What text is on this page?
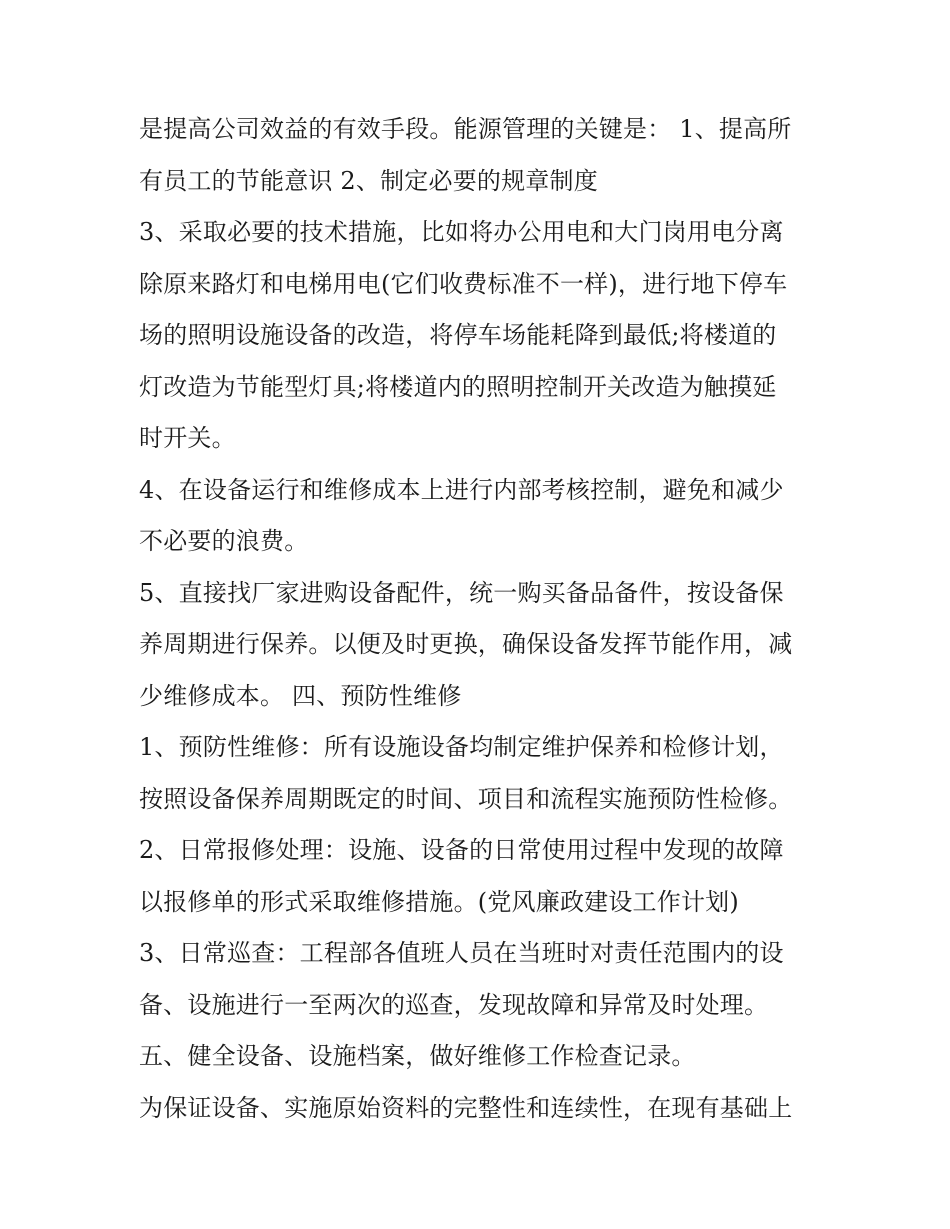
是提高公司效益的有效手段。能源管理的关键是： 1、提高所
有员工的节能意识 2、制定必要的规章制度
3、采取必要的技术措施，比如将办公用电和大门岗用电分离
除原来路灯和电梯用电(它们收费标准不一样)，进行地下停车
场的照明设施设备的改造，将停车场能耗降到最低;将楼道的
灯改造为节能型灯具;将楼道内的照明控制开关改造为触摸延
时开关。
4、在设备运行和维修成本上进行内部考核控制，避免和减少
不必要的浪费。
5、直接找厂家进购设备配件，统一购买备品备件，按设备保
养周期进行保养。以便及时更换，确保设备发挥节能作用，减
少维修成本。 四、预防性维修
1、预防性维修：所有设施设备均制定维护保养和检修计划，
按照设备保养周期既定的时间、项目和流程实施预防性检修。
2、日常报修处理：设施、设备的日常使用过程中发现的故障
以报修单的形式采取维修措施。(党风廉政建设工作计划)
3、日常巡查：工程部各值班人员在当班时对责任范围内的设
备、设施进行一至两次的巡查，发现故障和异常及时处理。
五、健全设备、设施档案，做好维修工作检查记录。
为保证设备、实施原始资料的完整性和连续性，在现有基础上
